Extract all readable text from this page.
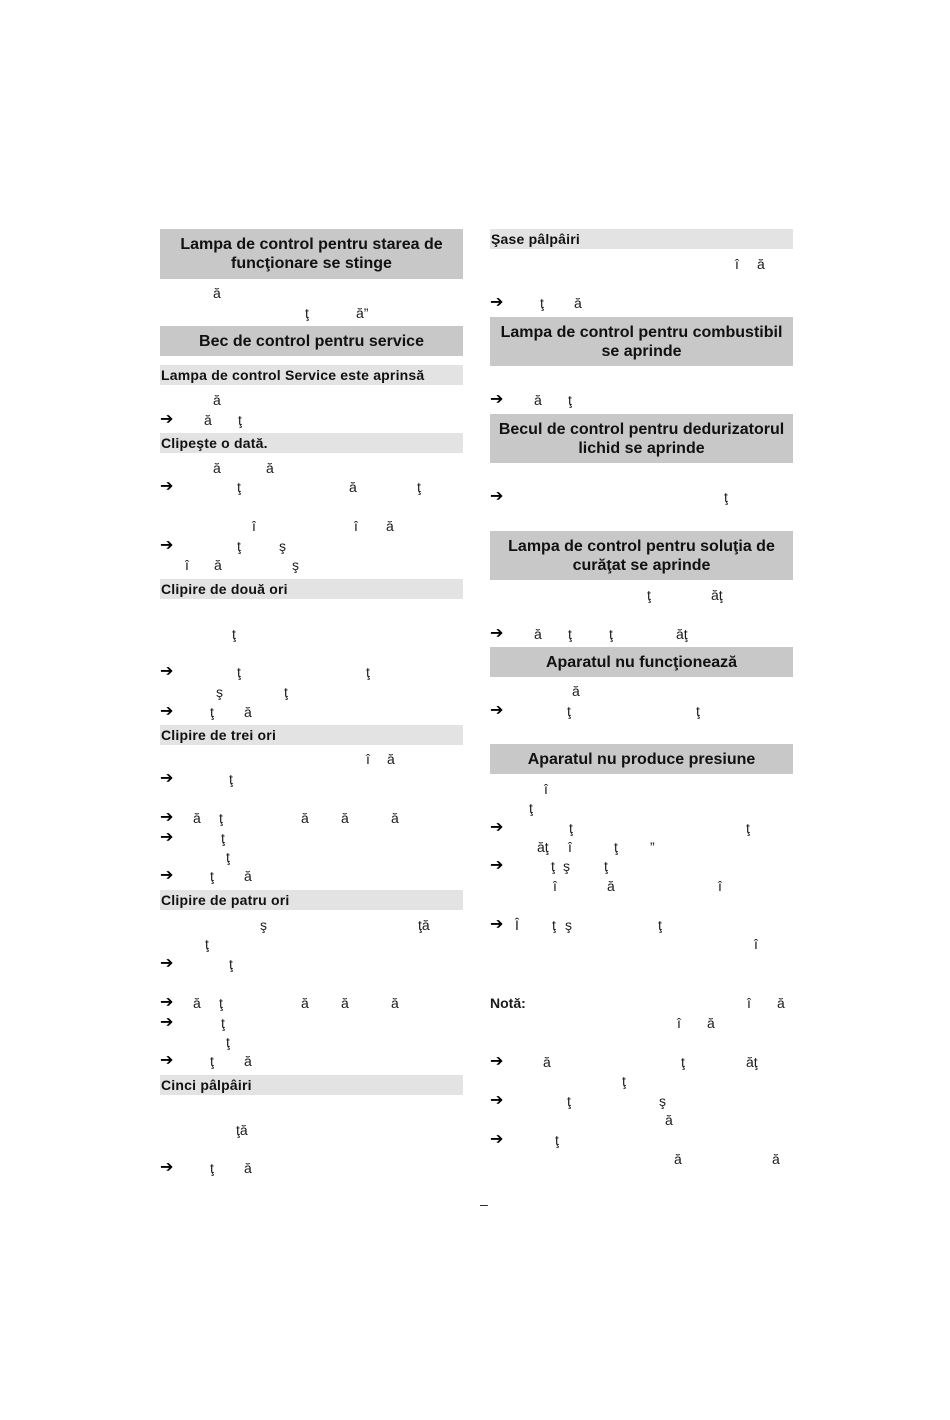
Lampa de control pentru starea de funcţionare se stinge
ă
ţ	ă”
Bec de control pentru service
Lampa de control Service este aprinsă
ă
➔ ă ţ
Clipeşte o dată.
ă	ă
➔	ţ	ă	ţ
î	î ă
➔	ţ	ş
î ă	ş
Clipire de două ori
ţ
➔	ţ	ţ
ş	ţ
➔	ţ ă
Clipire de trei ori
î ă
➔	ţ
➔ ă ţ	ă ă	ă
➔	ţ
ţ
➔	ţ ă
Clipire de patru ori
ş	ţă
ţ
➔	ţ
➔ ă ţ	ă ă	ă
➔	ţ
ţ
➔	ţ ă
Cinci pâlpâiri
ţă
➔	ţ ă
Şase pâlpâiri
î ă
➔	ţ ă
Lampa de control pentru combustibil se aprinde
➔ ă ţ
Becul de control pentru dedurizatorul lichid se aprinde
➔	ţ
Lampa de control pentru soluţia de curăţat se aprinde
ţ	ăţ
➔ ă ţ	ţ	ăţ
Aparatul nu funcţionează
ă
➔	ţ	ţ
Aparatul nu produce presiune
î
ţ
➔	ţ	ţ
ăţ î	ţ ”
➔	ţ ş ţ
î	ă	î
➔ Î ţ ş	ţ
î
Notă:	î ă
î ă
➔	ă	ţ	ăţ
ţ
➔	ţ	ş
ă
➔	ţ
ă	ă
–
